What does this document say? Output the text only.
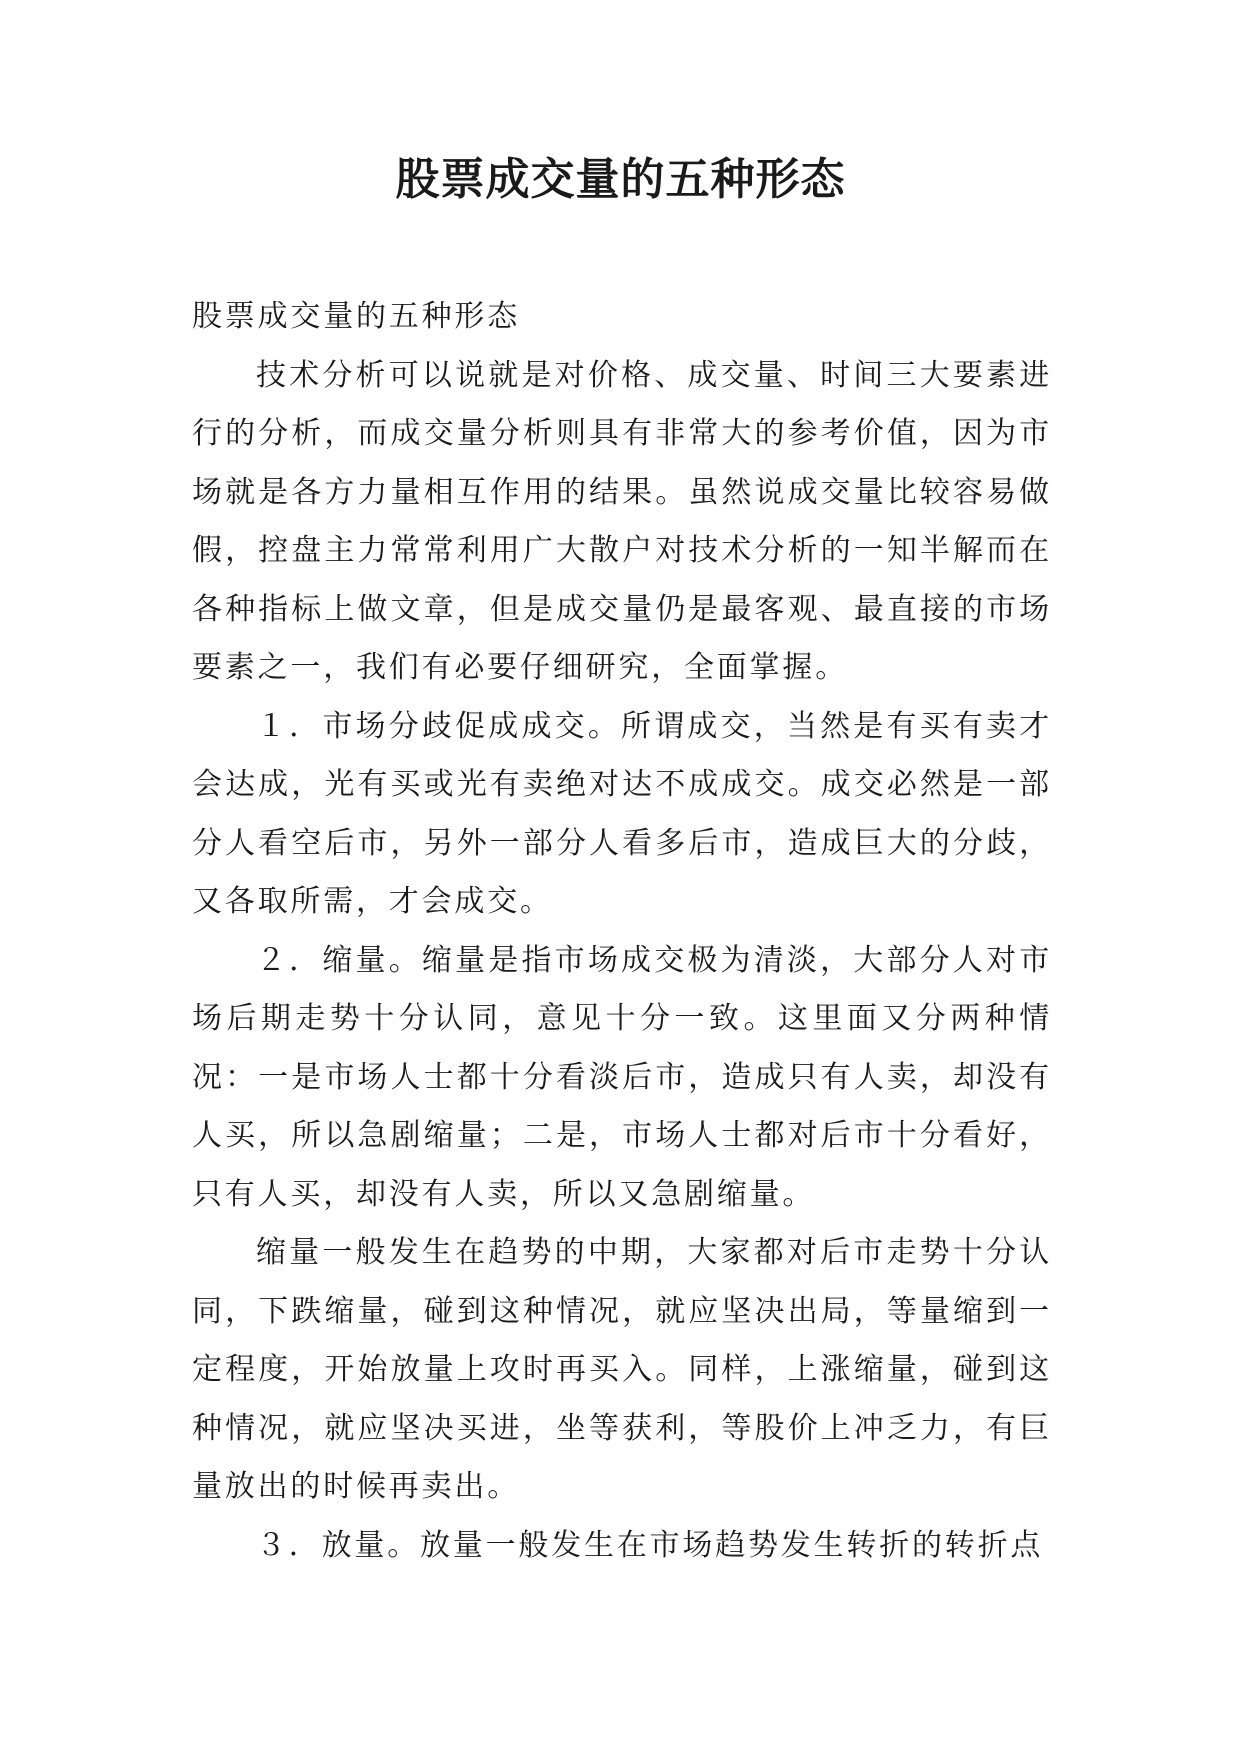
股票成交量的五种形态

股票成交量的五种形态

技术分析可以说就是对价格、成交量、时间三大要素进行的分析，而成交量分析则具有非常大的参考价值，因为市场就是各方力量相互作用的结果。虽然说成交量比较容易做假，控盘主力常常利用广大散户对技术分析的一知半解而在各种指标上做文章，但是成交量仍是最客观、最直接的市场要素之一，我们有必要仔细研究，全面掌握。

１．市场分歧促成成交。所谓成交，当然是有买有卖才会达成，光有买或光有卖绝对达不成成交。成交必然是一部分人看空后市，另外一部分人看多后市，造成巨大的分歧，又各取所需，才会成交。

２．缩量。缩量是指市场成交极为清淡，大部分人对市场后期走势十分认同，意见十分一致。这里面又分两种情况：一是市场人士都十分看淡后市，造成只有人卖，却没有人买，所以急剧缩量；二是，市场人士都对后市十分看好，只有人买，却没有人卖，所以又急剧缩量。

缩量一般发生在趋势的中期，大家都对后市走势十分认同，下跌缩量，碰到这种情况，就应坚决出局，等量缩到一定程度，开始放量上攻时再买入。同样，上涨缩量，碰到这种情况，就应坚决买进，坐等获利，等股价上冲乏力，有巨量放出的时候再卖出。

３．放量。放量一般发生在市场趋势发生转折的转折点
